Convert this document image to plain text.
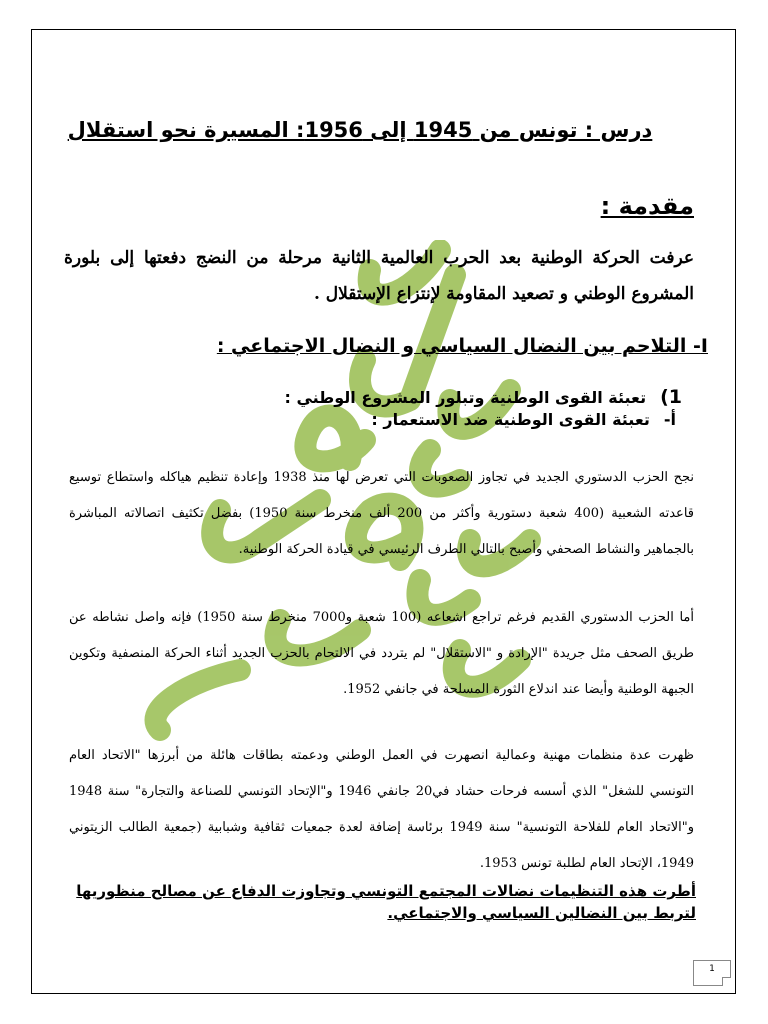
درس : تونس من 1945 إلى 1956: المسيرة نحو استقلال
مقدمة :
عرفت الحركة الوطنية بعد الحرب العالمية الثانية مرحلة من النضج دفعتها إلى بلورة المشروع الوطني و تصعيد المقاومة لإنتزاع الإستقلال .
I- التلاحم بين النضال السياسي و النضال الاجتماعي :
1)تعبئة القوى الوطنية وتبلور المشروع الوطني :
أ-تعبئة القوى الوطنية ضد الاستعمار :
نجح الحزب الدستوري الجديد في تجاوز الصعوبات التي تعرض لها منذ 1938 وإعادة تنظيم هياكله واستطاع توسيع قاعدته الشعبية (400 شعبة دستورية وأكثر من 200 ألف منخرط سنة 1950) بفضل تكثيف اتصالاته المباشرة بالجماهير والنشاط الصحفي وأصبح بالتالي الطرف الرئيسي في قيادة الحركة الوطنية.
أما الحزب الدستوري القديم فرغم تراجع اشعاعه (100 شعبة و7000 منخرط سنة 1950) فإنه واصل نشاطه عن طريق الصحف مثل جريدة "الإرادة و "الاستقلال" لم يتردد في الالتحام بالحزب الجديد أثناء الحركة المنصفية وتكوين الجبهة الوطنية وأيضا عند اندلاع الثورة المسلحة في جانفي 1952.
ظهرت عدة منظمات مهنية وعمالية انصهرت في العمل الوطني ودعمته بطاقات هائلة من أبرزها "الاتحاد العام التونسي للشغل" الذي أسسه فرحات حشاد في20 جانفي 1946 و"الإتحاد التونسي للصناعة والتجارة" سنة 1948 و"الاتحاد العام للفلاحة التونسية" سنة 1949 برئاسة إضافة لعدة جمعيات ثقافية وشبابية (جمعية الطالب الزيتوني 1949، الإتحاد العام لطلبة تونس 1953.
أطرت هذه التنظيمات نضالات المجتمع التونسي وتجاوزت الدفاع عن مصالح منظوريها لتربط بين النضالين السياسي والاجتماعي.
1
